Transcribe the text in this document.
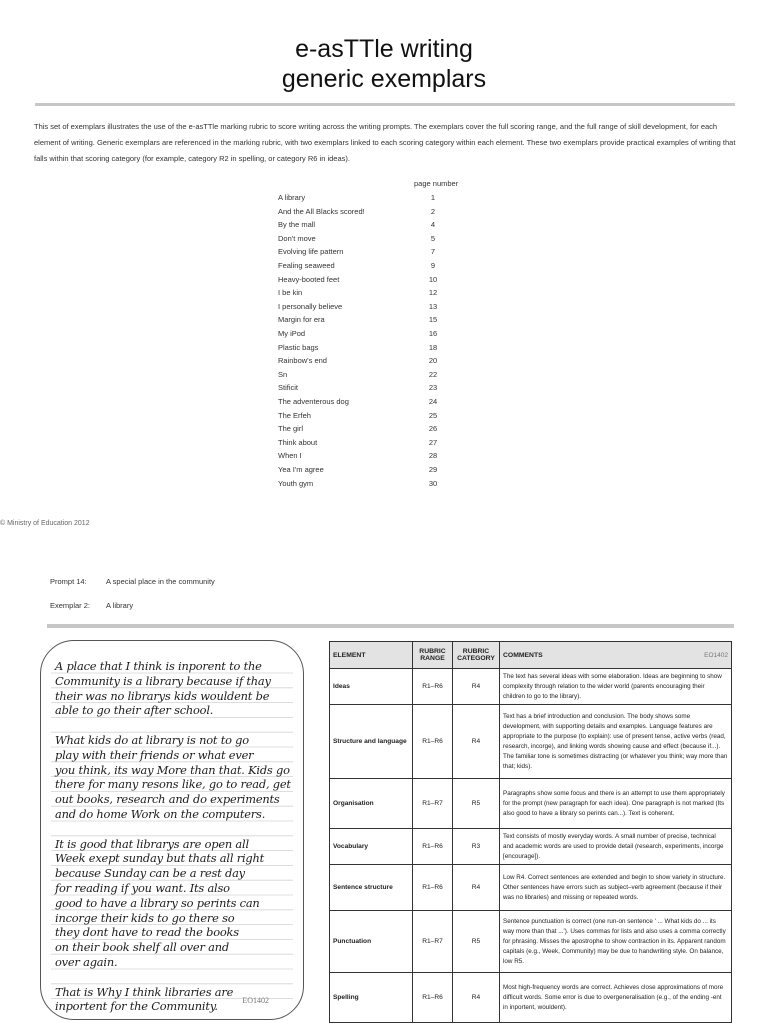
e-asTTle writing
generic exemplars
This set of exemplars illustrates the use of the e-asTTle marking rubric to score writing across the writing prompts. The exemplars cover the full scoring range, and the full range of skill development, for each element of writing. Generic exemplars are referenced in the marking rubric, with two exemplars linked to each scoring category within each element. These two exemplars provide practical examples of writing that falls within that scoring category (for example, category R2 in spelling, or category R6 in ideas).
page number
A library	1
And the All Blacks scored!	2
By the mall	4
Don't move	5
Evolving life pattern	7
Fealing seaweed	9
Heavy-booted feet	10
I be kin	12
I personally believe	13
Margin for era	15
My iPod	16
Plastic bags	18
Rainbow's end	20
Sn	22
Stificit	23
The adventerous dog	24
The Erfeh	25
The girl	26
Think about	27
When I	28
Yea I'm agree	29
Youth gym	30
© Ministry of Education 2012
Prompt 14:	A special place in the community
Exemplar 2: A library
A place that I think is inporent to the
Community is a library because if thay
their was no librarys kids wouldent be
able to go their after school.

What kids do at library is not to go
play with their friends or what ever
you think, its way More than that. Kids go
there for many resons like, go to read, get
out books, research and do experiments
and do home Work on the computers.

It is good that librarys are open all
Week exept sunday but thats all right
because Sunday can be a rest day
for reading if you want. Its also
good to have a library so perints can
incorge their kids to go there so
they dont have to read the books
on their book shelf all over and
over again.

That is Why I think libraries are
inportent for the Community.	EO1402
ELEMENT	RUBRIC RANGE	RUBRIC CATEGORY	COMMENTS EO1402

Ideas	R1–R6	R4	The text has several ideas with some elaboration. Ideas are beginning to show complexity through relation to the wider world (parents encouraging their children to go to the library).
Structure and language	R1–R6	R4	Text has a brief introduction and conclusion. The body shows some development, with supporting details and examples. Language features are appropriate to the purpose (to explain): use of present tense, active verbs (read, research, incorge), and linking words showing cause and effect (because if...). The familiar tone is sometimes distracting (or whatever you think; way more than that; kids).
Organisation	R1–R7	R5	Paragraphs show some focus and there is an attempt to use them appropriately for the prompt (new paragraph for each idea). One paragraph is not marked (Its also good to have a library so perints can...). Text is coherent.
Vocabulary	R1–R6	R3	Text consists of mostly everyday words. A small number of precise, technical and academic words are used to provide detail (research, experiments, incorge [encourage]).
Sentence structure	R1–R6	R4	Low R4. Correct sentences are extended and begin to show variety in structure. Other sentences have errors such as subject–verb agreement (because if their was no libraries) and missing or repeated words.
Punctuation	R1–R7	R5	Sentence punctuation is correct (one run-on sentence ' ... What kids do ... its way more than that ...'). Uses commas for lists and also uses a comma correctly for phrasing. Misses the apostrophe to show contraction in its. Apparent random capitals (e.g., Week, Community) may be due to handwriting style. On balance, low R5.
Spelling	R1–R6	R4	Most high-frequency words are correct. Achieves close approximations of more difficult words. Some error is due to overgeneralisation (e.g., of the ending -ent in inportent, wouldent).
